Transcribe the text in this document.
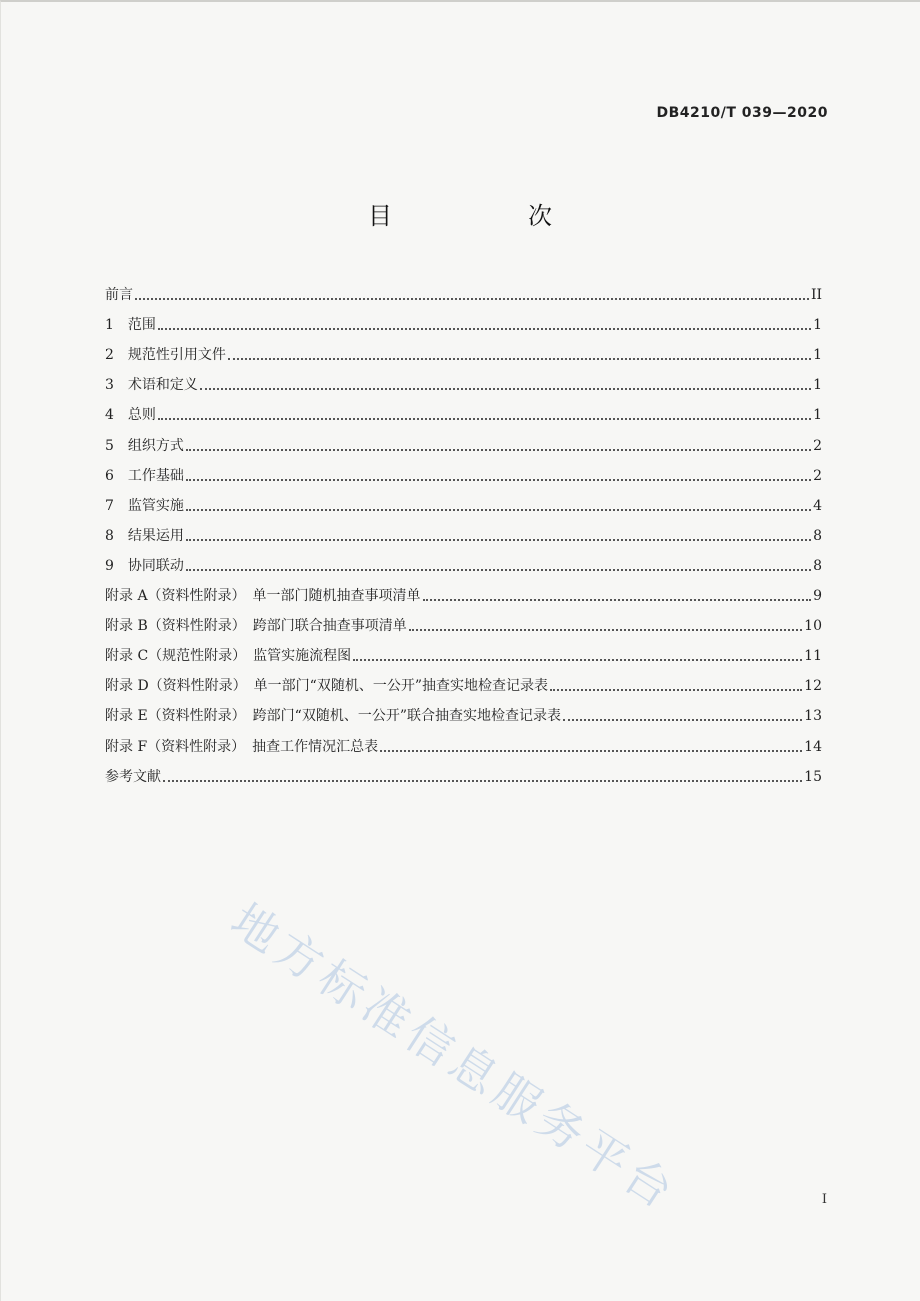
DB4210/T 039—2020
目　次
前言	II
1　范围	1
2　规范性引用文件	1
3　术语和定义	1
4　总则	1
5　组织方式	2
6　工作基础	2
7　监管实施	4
8　结果运用	8
9　协同联动	8
附录 A（资料性附录）　单一部门随机抽查事项清单	9
附录 B（资料性附录）　跨部门联合抽查事项清单	10
附录 C（规范性附录）　监管实施流程图	11
附录 D（资料性附录）　单一部门“双随机、一公开”抽查实地检查记录表	12
附录 E（资料性附录）　跨部门“双随机、一公开”联合抽查实地检查记录表	13
附录 F（资料性附录）　抽查工作情况汇总表	14
参考文献	15
地方标准信息服务平台	I
